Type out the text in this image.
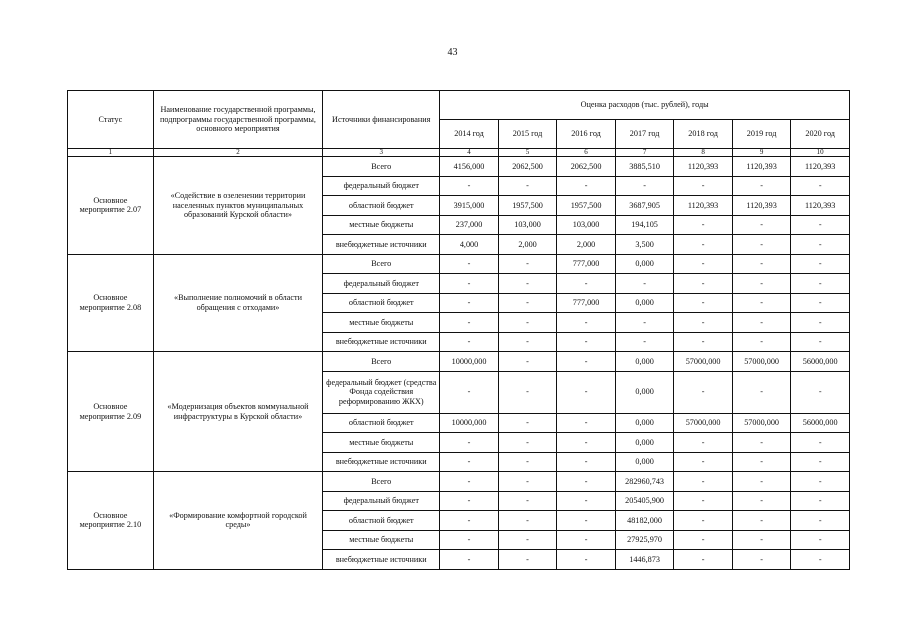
43
Статус	Наименование государственной программы, подпрограммы государственной программы, основного мероприятия	Источники финансирования	Оценка расходов (тыс. рублей), годы						
			2014 год	2015 год	2016 год	2017 год	2018 год	2019 год	2020 год
1	2	3	4	5	6	7	8	9	10
Основное мероприятие 2.07	«Содействие в озеленении территории населенных пунктов муниципальных образований Курской области»	Всего	4156,000	2062,500	2062,500	3885,510	1120,393	1120,393	1120,393
		федеральный бюджет	-	-	-	-	-	-	-
		областной бюджет	3915,000	1957,500	1957,500	3687,905	1120,393	1120,393	1120,393
		местные бюджеты	237,000	103,000	103,000	194,105	-	-	-
		внебюджетные источники	4,000	2,000	2,000	3,500	-	-	-
Основное мероприятие 2.08	«Выполнение полномочий в области обращения с отходами»	Всего	-	-	777,000	0,000	-	-	-
		федеральный бюджет	-	-	-	-	-	-	-
		областной бюджет	-	-	777,000	0,000	-	-	-
		местные бюджеты	-	-	-	-	-	-	-
		внебюджетные источники	-	-	-	-	-	-	-
Основное мероприятие 2.09	«Модернизация объектов коммунальной инфраструктуры в Курской области»	Всего	10000,000	-	-	0,000	57000,000	57000,000	56000,000
		федеральный бюджет (средства Фонда содействия реформированию ЖКХ)	-	-	-	0,000	-	-	-
		областной бюджет	10000,000	-	-	0,000	57000,000	57000,000	56000,000
		местные бюджеты	-	-	-	0,000	-	-	-
		внебюджетные источники	-	-	-	0,000	-	-	-
Основное мероприятие 2.10	«Формирование комфортной городской среды»	Всего	-	-	-	282960,743	-	-	-
		федеральный бюджет	-	-	-	205405,900	-	-	-
		областной бюджет	-	-	-	48182,000	-	-	-
		местные бюджеты	-	-	-	27925,970	-	-	-
		внебюджетные источники	-	-	-	1446,873	-	-	-
